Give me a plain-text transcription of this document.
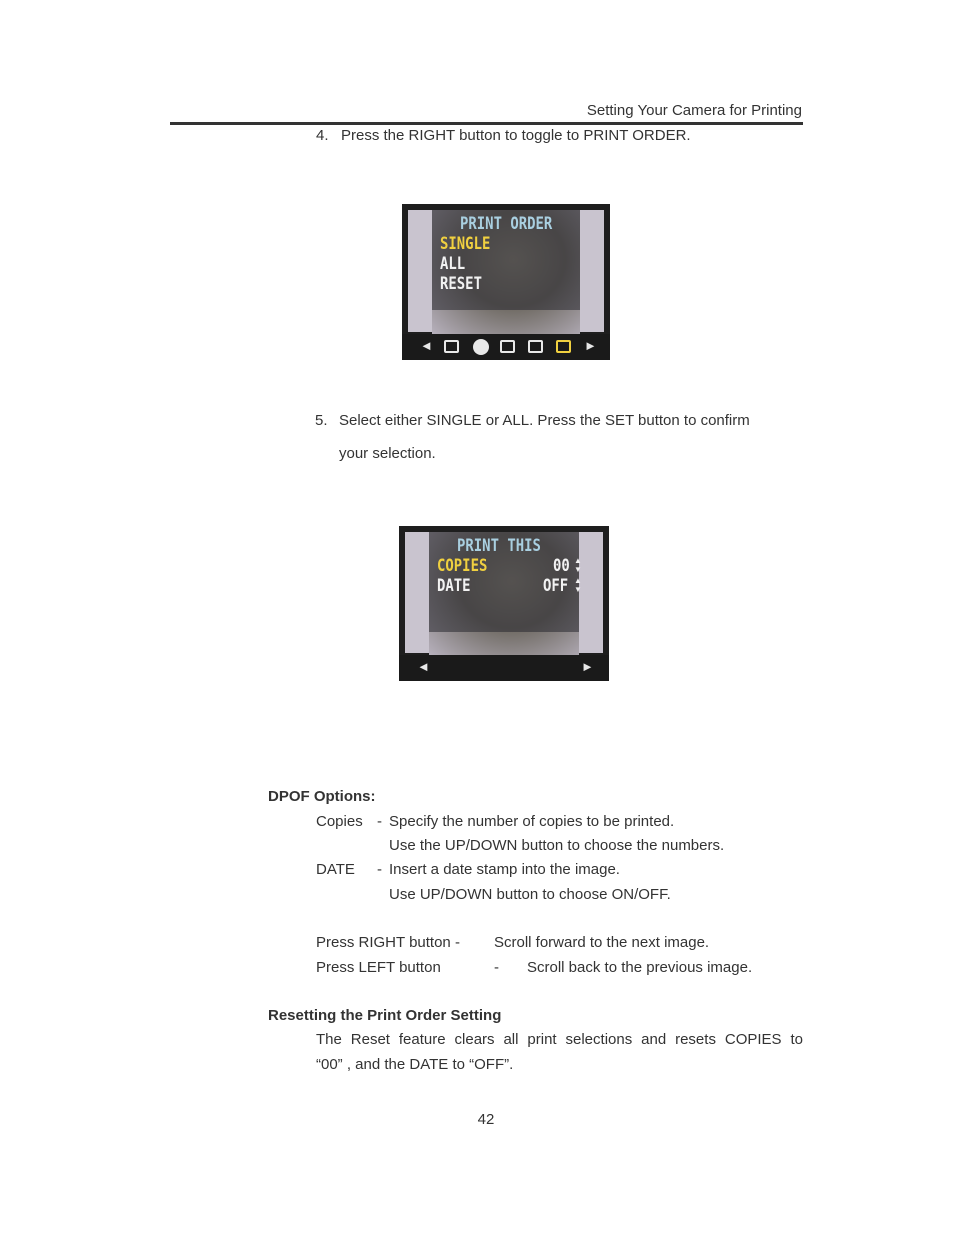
Setting Your Camera for Printing
4. Press the RIGHT button to toggle to PRINT ORDER.
PRINT ORDER
SINGLE
ALL
RESET
◄	►
5. Select either SINGLE or ALL. Press the SET button to confirm
your selection.
PRINT THIS
COPIES	00
DATE	OFF
▲▼
▲▼
◄	►
DPOF Options:
Copies - Specify the number of copies to be printed.
Use the UP/DOWN button to choose the numbers.
DATE - Insert a date stamp into the image.
Use UP/DOWN button to choose ON/OFF.
Press RIGHT button - Scroll forward to the next image.
Press LEFT button	- Scroll back to the previous image.
Resetting the Print Order Setting
The Reset feature clears all print selections and resets COPIES to
“00” , and the DATE to “OFF”.
42
